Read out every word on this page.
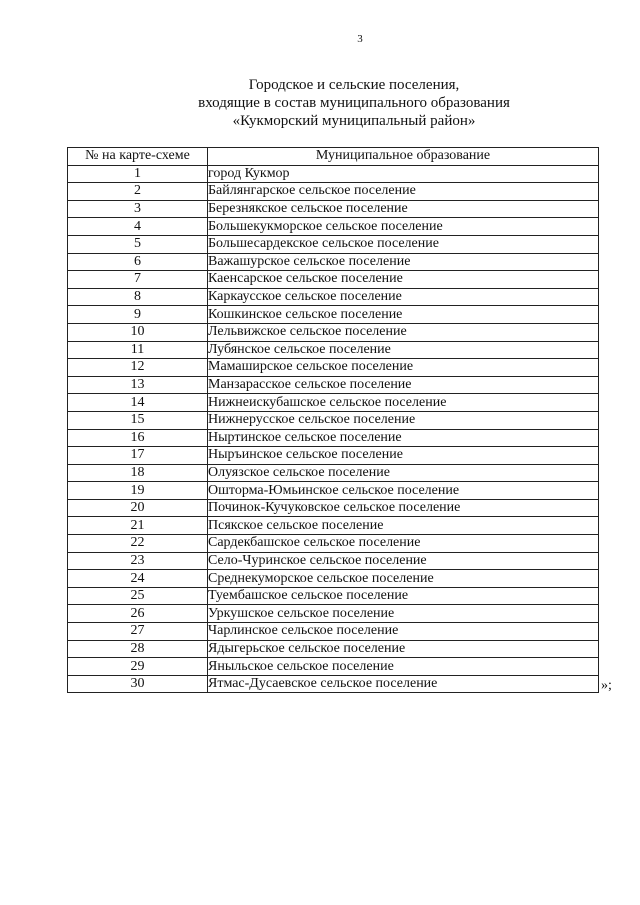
3
Городское и сельские поселения,
входящие в состав муниципального образования
«Кукморский муниципальный район»
№ на карте-схеме	Муниципальное образование
1	город Кукмор
2	Байлянгарское сельское поселение
3	Березнякское сельское поселение
4	Большекукморское сельское поселение
5	Большесардекское сельское поселение
6	Важашурское сельское поселение
7	Каенсарское сельское поселение
8	Каркаусское сельское поселение
9	Кошкинское сельское поселение
10	Лельвижское сельское поселение
11	Лубянское сельское поселение
12	Мамаширское сельское поселение
13	Манзарасское сельское поселение
14	Нижнеискубашское сельское поселение
15	Нижнерусское сельское поселение
16	Ныртинское сельское поселение
17	Ныръинское сельское поселение
18	Олуязское сельское поселение
19	Ошторма-Юмьинское сельское поселение
20	Починок-Кучуковское сельское поселение
21	Псякское сельское поселение
22	Сардекбашское сельское поселение
23	Село-Чуринское сельское поселение
24	Среднекуморское сельское поселение
25	Туембашское сельское поселение
26	Уркушское сельское поселение
27	Чарлинское сельское поселение
28	Ядыгерьское сельское поселение
29	Яныльское сельское поселение
30	Ятмас-Дусаевское сельское поселение	»;
